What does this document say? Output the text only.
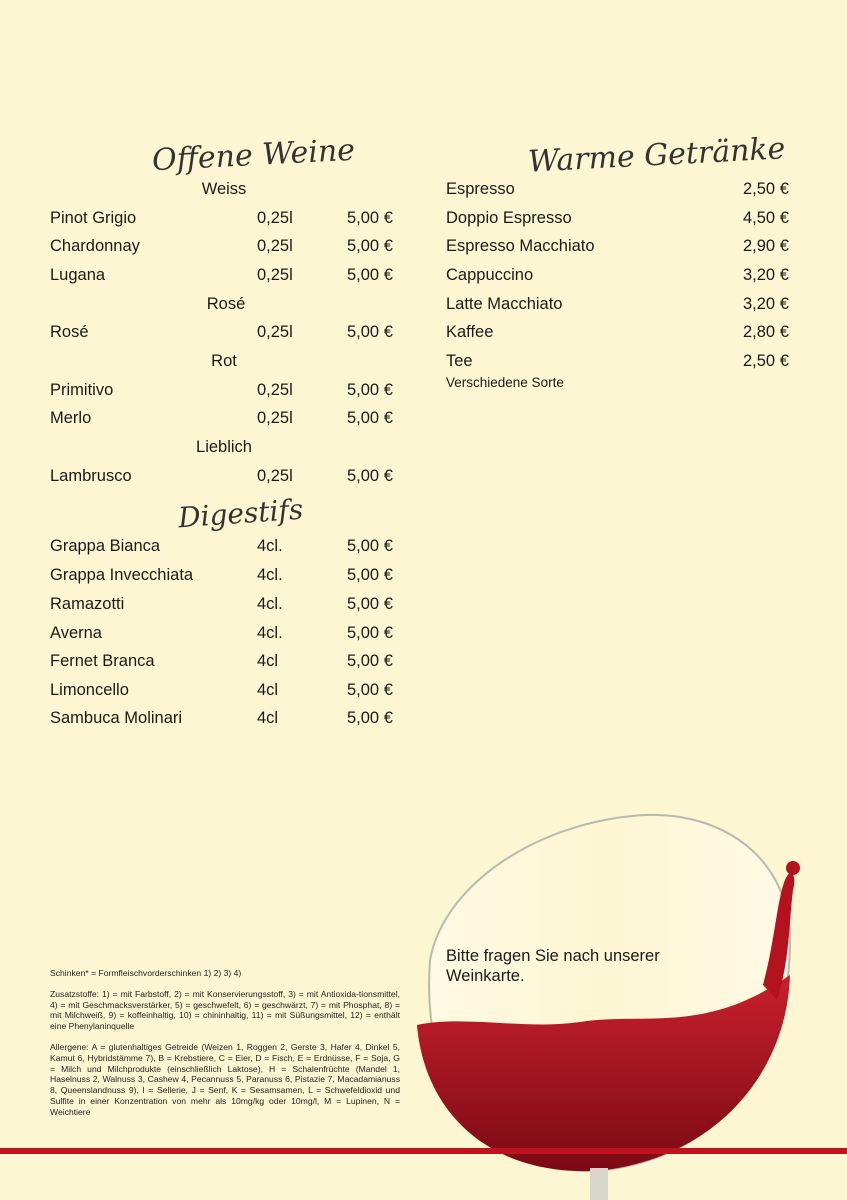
Offene Weine
Weiss
Pinot Grigio	0,25l	5,00 €
Chardonnay	0,25l	5,00 €
Lugana	0,25l	5,00 €
Rosé
Rosé	0,25l	5,00 €
Rot
Primitivo	0,25l	5,00 €
Merlo	0,25l	5,00 €
Lieblich
Lambrusco	0,25l	5,00 €
Digestifs
Grappa Bianca	4cl.	5,00 €
Grappa Invecchiata	4cl.	5,00 €
Ramazotti	4cl.	5,00 €
Averna	4cl.	5,00 €
Fernet Branca	4cl	5,00 €
Limoncello	4cl	5,00 €
Sambuca Molinari	4cl	5,00 €
Warme Getränke
Espresso	2,50 €
Doppio Espresso	4,50 €
Espresso Macchiato	2,90 €
Cappuccino	3,20 €
Latte Macchiato	3,20 €
Kaffee	2,80 €
Tee	2,50 €
Verschiedene Sorte
Bitte fragen Sie nach unserer
Weinkarte.

Schinken* = Formfleischvorderschinken 1) 2) 3) 4)

Zusatzstoffe: 1) = mit Farbstoff, 2) = mit Konservierungsstoff, 3) = mit Antioxida-tionsmittel, 4) = mit Geschmacksverstärker, 5) = geschwefelt, 6) = geschwärzt, 7) = mit Phosphat, 8) = mit Milchweiß, 9) = koffeinhaltig, 10) = chininhaltig, 11) = mit Süßungsmittel, 12) = enthält eine Phenylaninquelle

Allergene: A = glutenhaltiges Getreide (Weizen 1, Roggen 2, Gerste 3, Hafer 4, Dinkel 5, Kamut 6, Hybridstämme 7), B = Krebstiere, C = Eier, D = Fisch, E = Erdnüsse, F = Soja, G = Milch und Milchprodukte (einschließlich Laktose), H = Schalenfrüchte (Mandel 1, Haselnuss 2, Walnuss 3, Cashew 4, Pecannuss 5, Paranuss 6, Pistazie 7, Macadamianuss 8, Queenslandnuss 9), I = Sellerie, J = Senf, K = Sesamsamen, L = Schwefeldioxid und Sulfite in einer Konzentration von mehr als 10mg/kg oder 10mg/l, M = Lupinen, N = Weichtiere
